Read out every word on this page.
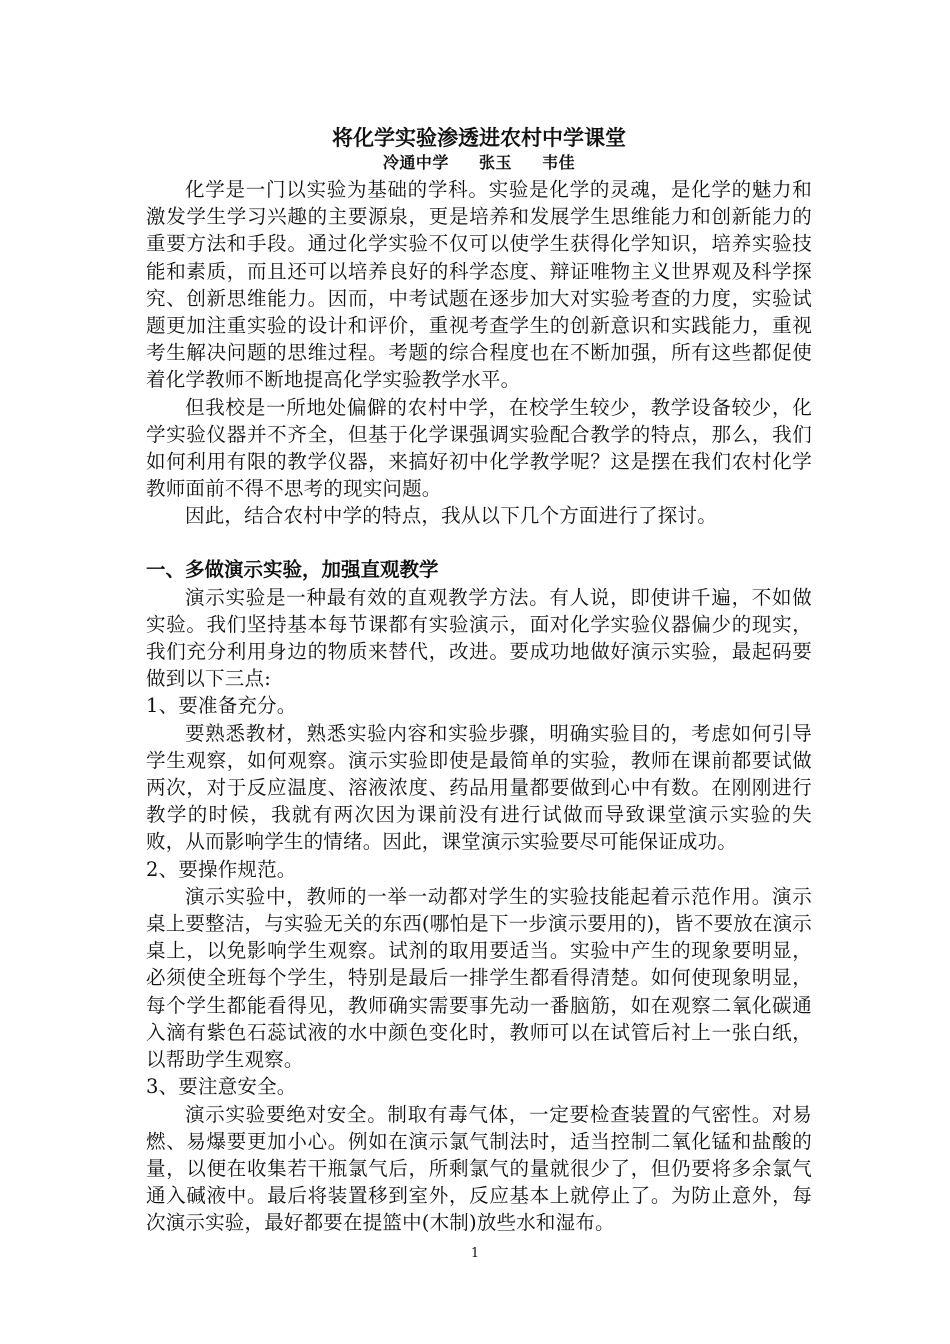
将化学实验渗透进农村中学课堂
冷通中学 张玉 韦佳

化学是一门以实验为基础的学科。实验是化学的灵魂，是化学的魅力和激发学生学习兴趣的主要源泉，更是培养和发展学生思维能力和创新能力的重要方法和手段。通过化学实验不仅可以使学生获得化学知识，培养实验技能和素质，而且还可以培养良好的科学态度、辩证唯物主义世界观及科学探究、创新思维能力。因而，中考试题在逐步加大对实验考查的力度，实验试题更加注重实验的设计和评价，重视考查学生的创新意识和实践能力，重视考生解决问题的思维过程。考题的综合程度也在不断加强，所有这些都促使着化学教师不断地提高化学实验教学水平。

但我校是一所地处偏僻的农村中学，在校学生较少，教学设备较少，化学实验仪器并不齐全，但基于化学课强调实验配合教学的特点，那么，我们如何利用有限的教学仪器，来搞好初中化学教学呢？这是摆在我们农村化学教师面前不得不思考的现实问题。

因此，结合农村中学的特点，我从以下几个方面进行了探讨。

一、多做演示实验，加强直观教学

演示实验是一种最有效的直观教学方法。有人说，即使讲千遍，不如做实验。我们坚持基本每节课都有实验演示，面对化学实验仪器偏少的现实，我们充分利用身边的物质来替代，改进。要成功地做好演示实验，最起码要做到以下三点:

1、要准备充分。

要熟悉教材，熟悉实验内容和实验步骤，明确实验目的，考虑如何引导学生观察，如何观察。演示实验即使是最简单的实验，教师在课前都要试做两次，对于反应温度、溶液浓度、药品用量都要做到心中有数。在刚刚进行教学的时候，我就有两次因为课前没有进行试做而导致课堂演示实验的失败，从而影响学生的情绪。因此，课堂演示实验要尽可能保证成功。

2、要操作规范。

演示实验中，教师的一举一动都对学生的实验技能起着示范作用。演示桌上要整洁，与实验无关的东西(哪怕是下一步演示要用的)，皆不要放在演示桌上，以免影响学生观察。试剂的取用要适当。实验中产生的现象要明显，必须使全班每个学生，特别是最后一排学生都看得清楚。如何使现象明显，每个学生都能看得见，教师确实需要事先动一番脑筋，如在观察二氧化碳通入滴有紫色石蕊试液的水中颜色变化时，教师可以在试管后衬上一张白纸，以帮助学生观察。

3、要注意安全。

演示实验要绝对安全。制取有毒气体，一定要检查装置的气密性。对易燃、易爆要更加小心。例如在演示氯气制法时，适当控制二氧化锰和盐酸的量，以便在收集若干瓶氯气后，所剩氯气的量就很少了，但仍要将多余氯气通入碱液中。最后将装置移到室外，反应基本上就停止了。为防止意外，每次演示实验，最好都要在提篮中(木制)放些水和湿布。

1
